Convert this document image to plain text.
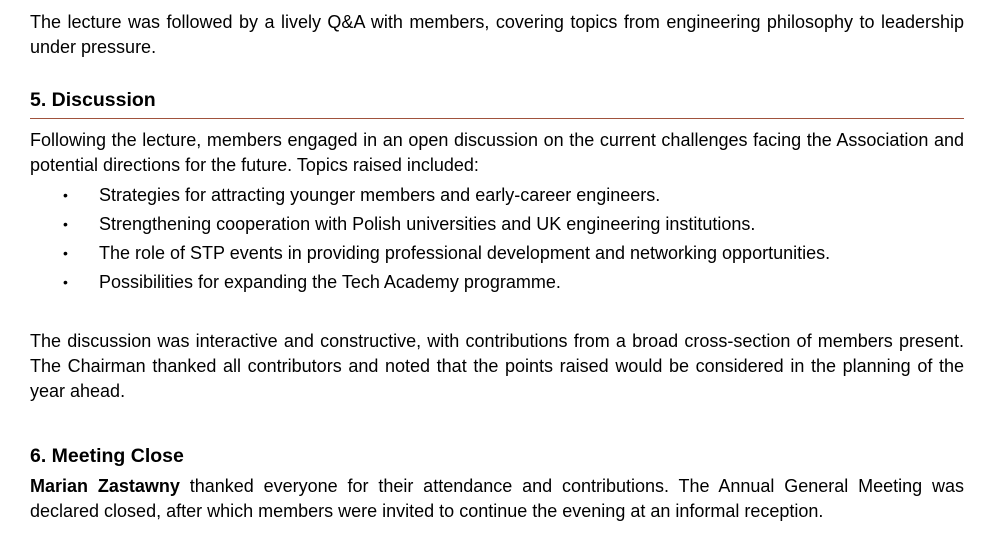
The lecture was followed by a lively Q&A with members, covering topics from engineering philosophy to leadership under pressure.

5. Discussion

Following the lecture, members engaged in an open discussion on the current challenges facing the Association and potential directions for the future. Topics raised included:

• Strategies for attracting younger members and early-career engineers.
• Strengthening cooperation with Polish universities and UK engineering institutions.
• The role of STP events in providing professional development and networking opportunities.
• Possibilities for expanding the Tech Academy programme.

The discussion was interactive and constructive, with contributions from a broad cross-section of members present. The Chairman thanked all contributors and noted that the points raised would be considered in the planning of the year ahead.

6. Meeting Close

Marian Zastawny thanked everyone for their attendance and contributions. The Annual General Meeting was declared closed, after which members were invited to continue the evening at an informal reception.
